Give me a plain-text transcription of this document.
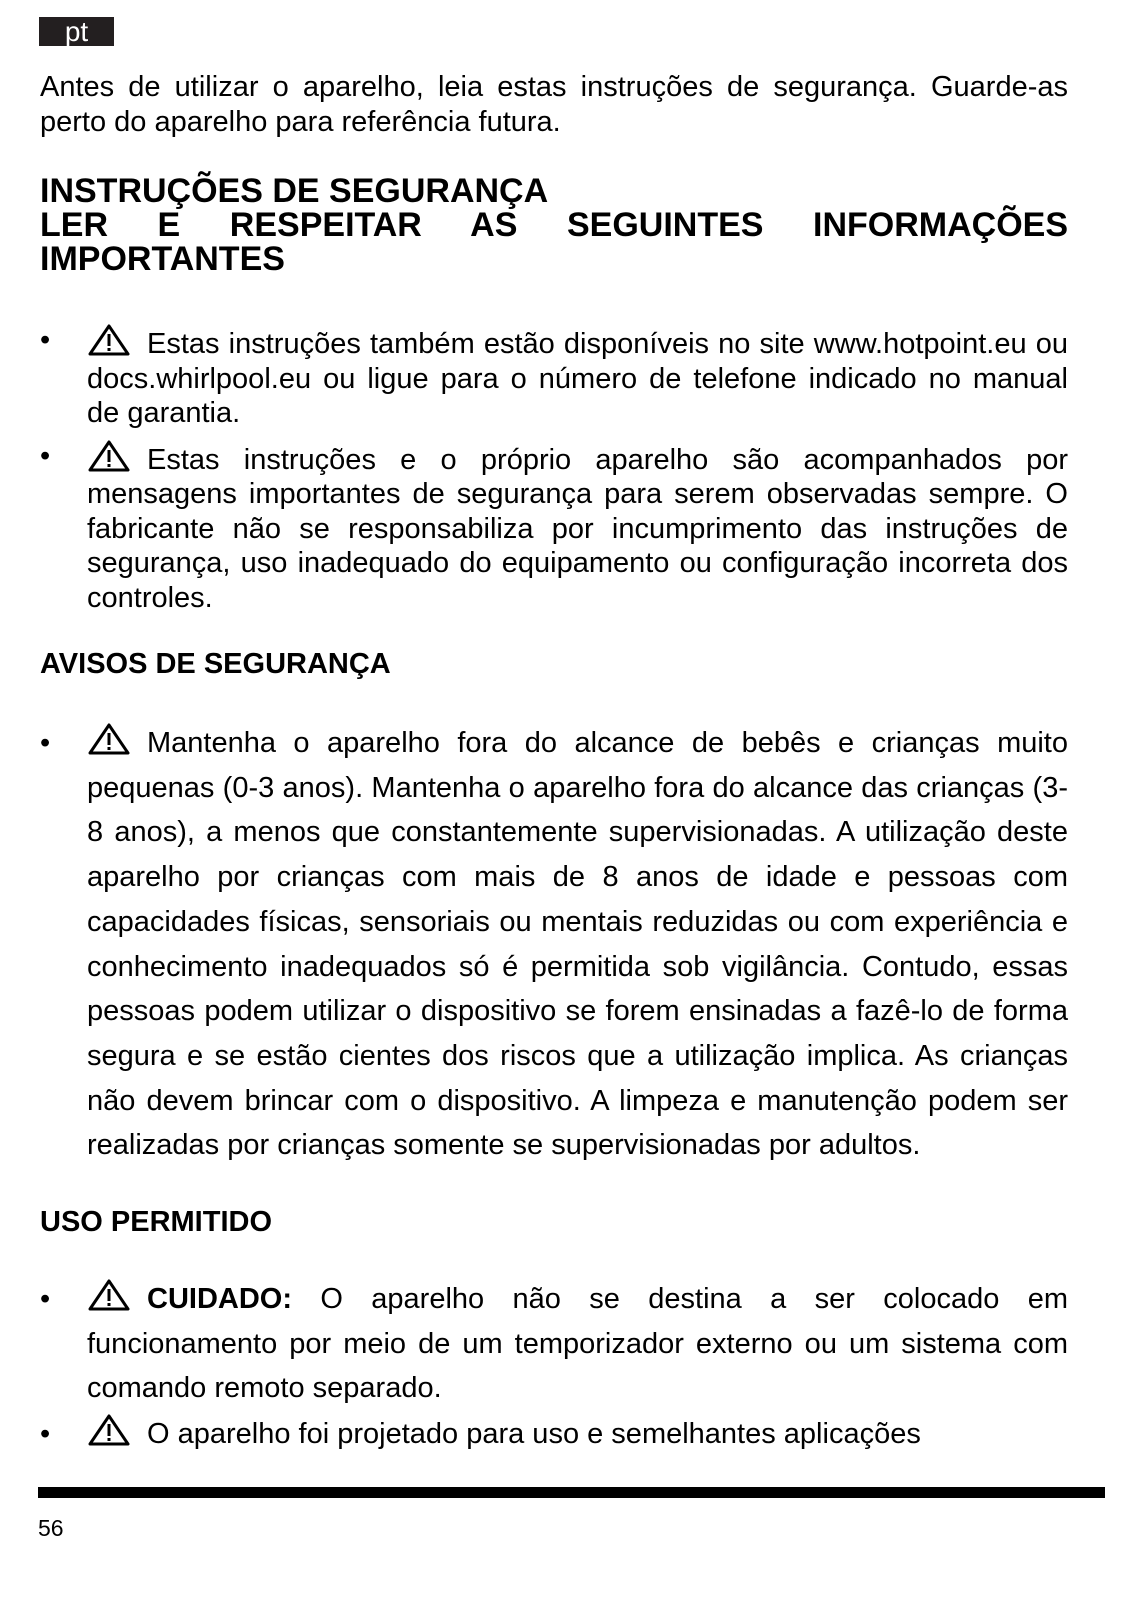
pt

Antes de utilizar o aparelho, leia estas instruções de segurança. Guarde-as perto do aparelho para referência futura.

INSTRUÇÕES DE SEGURANÇA
LER E RESPEITAR AS SEGUINTES INFORMAÇÕES
IMPORTANTES
•	Estas instruções também estão disponíveis no site www.hotpoint.eu ou docs.whirlpool.eu ou ligue para o número de telefone indicado no manual de garantia.
•	Estas instruções e o próprio aparelho são acompanhados por mensagens importantes de segurança para serem observadas sempre. O fabricante não se responsabiliza por incumprimento das instruções de segurança, uso inadequado do equipamento ou configuração incorreta dos controles.
AVISOS DE SEGURANÇA
•	Mantenha o aparelho fora do alcance de bebês e crianças muito pequenas (0-3 anos). Mantenha o aparelho fora do alcance das crianças (3-8 anos), a menos que constantemente supervisionadas. A utilização deste aparelho por crianças com mais de 8 anos de idade e pessoas com capacidades físicas, sensoriais ou mentais reduzidas ou com experiência e conhecimento inadequados só é permitida sob vigilância. Contudo, essas pessoas podem utilizar o dispositivo se forem ensinadas a fazê-lo de forma segura e se estão cientes dos riscos que a utilização implica. As crianças não devem brincar com o dispositivo. A limpeza e manutenção podem ser realizadas por crianças somente se supervisionadas por adultos.
USO PERMITIDO
•	CUIDADO: O aparelho não se destina a ser colocado em funcionamento por meio de um temporizador externo ou um sistema com comando remoto separado.
•	O aparelho foi projetado para uso e semelhantes aplicações
56
